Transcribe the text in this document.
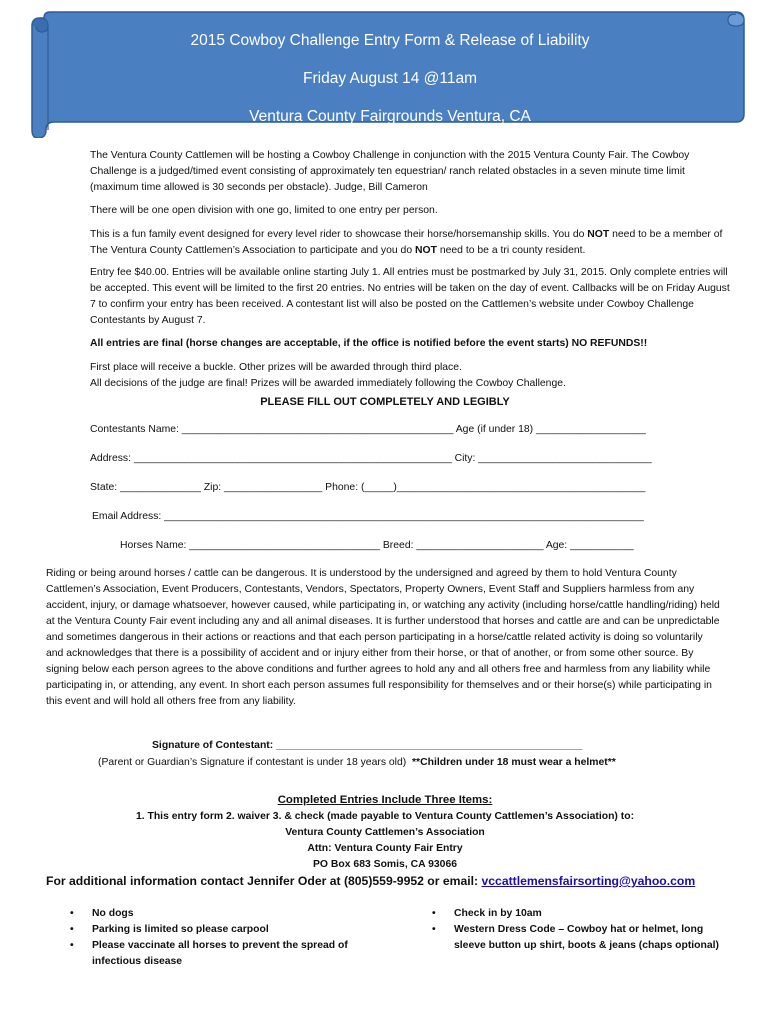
2015 Cowboy Challenge Entry Form & Release of Liability
Friday August 14 @11am
Ventura County Fairgrounds Ventura, CA
The Ventura County Cattlemen will be hosting a Cowboy Challenge in conjunction with the 2015 Ventura County Fair. The Cowboy Challenge is a judged/timed event consisting of approximately ten equestrian/ ranch related obstacles in a seven minute time limit (maximum time allowed is 30 seconds per obstacle). Judge, Bill Cameron
There will be one open division with one go, limited to one entry per person.
This is a fun family event designed for every level rider to showcase their horse/horsemanship skills. You do NOT need to be a member of The Ventura County Cattlemen’s Association to participate and you do NOT need to be a tri county resident.
Entry fee $40.00. Entries will be available online starting July 1. All entries must be postmarked by July 31, 2015. Only complete entries will be accepted. This event will be limited to the first 20 entries. No entries will be taken on the day of event. Callbacks will be on Friday August 7 to confirm your entry has been received. A contestant list will also be posted on the Cattlemen’s website under Cowboy Challenge Contestants by August 7.
All entries are final (horse changes are acceptable, if the office is notified before the event starts) NO REFUNDS!!
First place will receive a buckle. Other prizes will be awarded through third place.
All decisions of the judge are final! Prizes will be awarded immediately following the Cowboy Challenge.
PLEASE FILL OUT COMPLETELY AND LEGIBLY
Contestants Name: _______________________________________________ Age (if under 18) ___________________
Address: _______________________________________________________ City: ______________________________
State: ______________ Zip: _________________ Phone: (_____)___________________________________________
Email Address: ___________________________________________________________________________________
Horses Name: _________________________________ Breed: ______________________ Age: ___________
Riding or being around horses / cattle can be dangerous. It is understood by the undersigned and agreed by them to hold Ventura County Cattlemen’s Association, Event Producers, Contestants, Vendors, Spectators, Property Owners, Event Staff and Suppliers harmless from any accident, injury, or damage whatsoever, however caused, while participating in, or watching any activity (including horse/cattle handling/riding) held at the Ventura County Fair event including any and all animal diseases. It is further understood that horses and cattle are and can be unpredictable and sometimes dangerous in their actions or reactions and that each person participating in a horse/cattle related activity is doing so voluntarily and acknowledges that there is a possibility of accident and or injury either from their horse, or that of another, or from some other source. By signing below each person agrees to the above conditions and further agrees to hold any and all others free and harmless from any liability while participating in, or attending, any event. In short each person assumes full responsibility for themselves and or their horse(s) while participating in this event and will hold all others free from any liability.
Signature of Contestant: _____________________________________________________
(Parent or Guardian’s Signature if contestant is under 18 years old)  **Children under 18 must wear a helmet**
Completed Entries Include Three Items:
1. This entry form 2. waiver 3. & check (made payable to Ventura County Cattlemen’s Association) to:
Ventura County Cattlemen’s Association
Attn: Ventura County Fair Entry
PO Box 683 Somis, CA 93066
For additional information contact Jennifer Oder at (805)559-9952 or email: vccattlemensfairsorting@yahoo.com
• No dogs
• Parking is limited so please carpool
• Please vaccinate all horses to prevent the spread of infectious disease
• Check in by 10am
• Western Dress Code – Cowboy hat or helmet, long sleeve button up shirt, boots & jeans (chaps optional)
